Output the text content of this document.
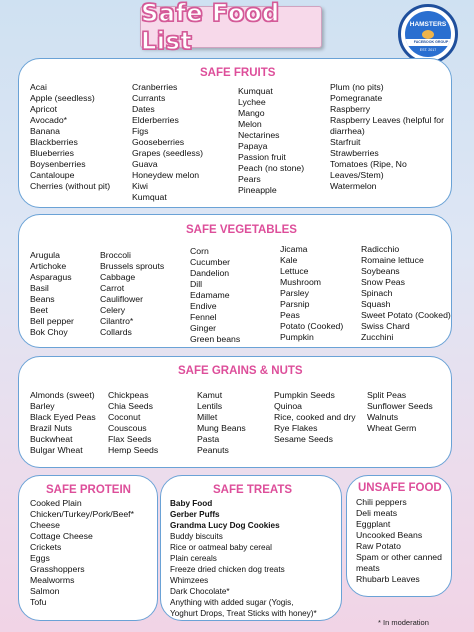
Safe Food List
HAMSTERS
FACEBOOK GROUP
EST. 2017
SAFE FRUITS
Acai
Apple (seedless)
Apricot
Avocado*
Banana
Blackberries
Blueberries
Boysenberries
Cantaloupe
Cherries (without pit)
Cranberries
Currants
Dates
Elderberries
Figs
Gooseberries
Grapes (seedless)
Guava
Honeydew melon
Kiwi
Kumquat
Kumquat
Lychee
Mango
Melon
Nectarines
Papaya
Passion fruit
Peach (no stone)
Pears
Pineapple
Plum (no pits)
Pomegranate
Raspberry
Raspberry Leaves (helpful for diarrhea)
Starfruit
Strawberries
Tomatoes (Ripe, No Leaves/Stem)
Watermelon
SAFE VEGETABLES
Arugula
Artichoke
Asparagus
Basil
Beans
Beet
Bell pepper
Bok Choy
Broccoli
Brussels sprouts
Cabbage
Carrot
Cauliflower
Celery
Cilantro*
Collards
Corn
Cucumber
Dandelion
Dill
Edamame
Endive
Fennel
Ginger
Green beans
Jicama
Kale
Lettuce
Mushroom
Parsley
Parsnip
Peas
Potato (Cooked)
Pumpkin
Radicchio
Romaine lettuce
Soybeans
Snow Peas
Spinach
Squash
Sweet Potato (Cooked)
Swiss Chard
Zucchini
SAFE GRAINS & NUTS
Almonds (sweet)
Barley
Black Eyed Peas
Brazil Nuts
Buckwheat
Bulgar Wheat
Chickpeas
Chia Seeds
Coconut
Couscous
Flax Seeds
Hemp Seeds
Kamut
Lentils
Millet
Mung Beans
Pasta
Peanuts
Pumpkin Seeds
Quinoa
Rice, cooked and dry
Rye Flakes
Sesame Seeds
Split Peas
Sunflower Seeds
Walnuts
Wheat Germ
SAFE PROTEIN
Cooked Plain
Chicken/Turkey/Pork/Beef*
Cheese
Cottage Cheese
Crickets
Eggs
Grasshoppers
Mealworms
Salmon
Tofu
SAFE TREATS
Baby Food
Gerber Puffs
Grandma Lucy Dog Cookies
Buddy biscuits
Rice or oatmeal baby cereal
Plain cereals
Freeze dried chicken dog treats
Whimzees
Dark Chocolate*
Anything with added sugar (Yogis,
Yoghurt Drops, Treat Sticks with honey)*
UNSAFE FOOD
Chili peppers
Deli meats
Eggplant
Uncooked Beans
Raw Potato
Spam or other canned meats
Rhubarb Leaves
* In moderation
